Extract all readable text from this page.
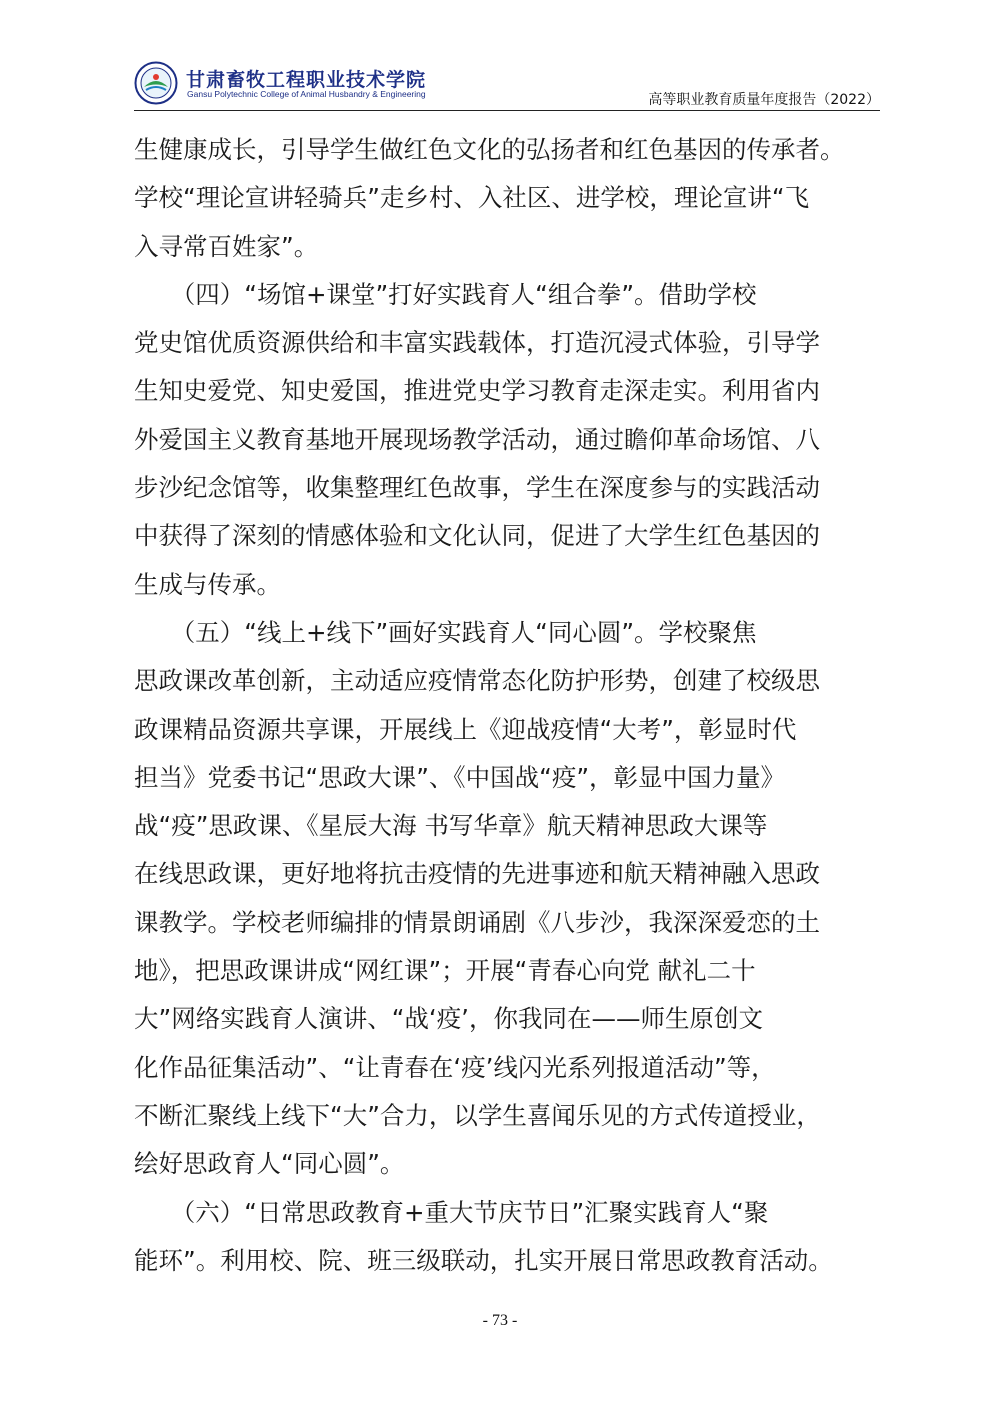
甘肃畜牧工程职业技术学院
Gansu Polytechnic College of Animal Husbandry & Engineering	高等职业教育质量年度报告（2022）
生健康成长，引导学生做红色文化的弘扬者和红色基因的传承者。
学校“理论宣讲轻骑兵”走乡村、入社区、进学校，理论宣讲“飞
入寻常百姓家”。
　　（四）“场馆+课堂”打好实践育人“组合拳”。借助学校
党史馆优质资源供给和丰富实践载体，打造沉浸式体验，引导学
生知史爱党、知史爱国，推进党史学习教育走深走实。利用省内
外爱国主义教育基地开展现场教学活动，通过瞻仰革命场馆、八
步沙纪念馆等，收集整理红色故事，学生在深度参与的实践活动
中获得了深刻的情感体验和文化认同，促进了大学生红色基因的
生成与传承。
　　（五）“线上+线下”画好实践育人“同心圆”。学校聚焦
思政课改革创新，主动适应疫情常态化防护形势，创建了校级思
政课精品资源共享课，开展线上《迎战疫情“大考”，彰显时代
担当》党委书记“思政大课”、《中国战“疫”，彰显中国力量》
战“疫”思政课、《星辰大海 书写华章》航天精神思政大课等
在线思政课，更好地将抗击疫情的先进事迹和航天精神融入思政
课教学。学校老师编排的情景朗诵剧《八步沙，我深深爱恋的土
地》，把思政课讲成“网红课”；开展“青春心向党 献礼二十
大”网络实践育人演讲、“战‘疫’，你我同在——师生原创文
化作品征集活动”、“让青春在‘疫’线闪光系列报道活动”等，
不断汇聚线上线下“大”合力，以学生喜闻乐见的方式传道授业，
绘好思政育人“同心圆”。
　　（六）“日常思政教育+重大节庆节日”汇聚实践育人“聚
能环”。利用校、院、班三级联动，扎实开展日常思政教育活动。
- 73 -
